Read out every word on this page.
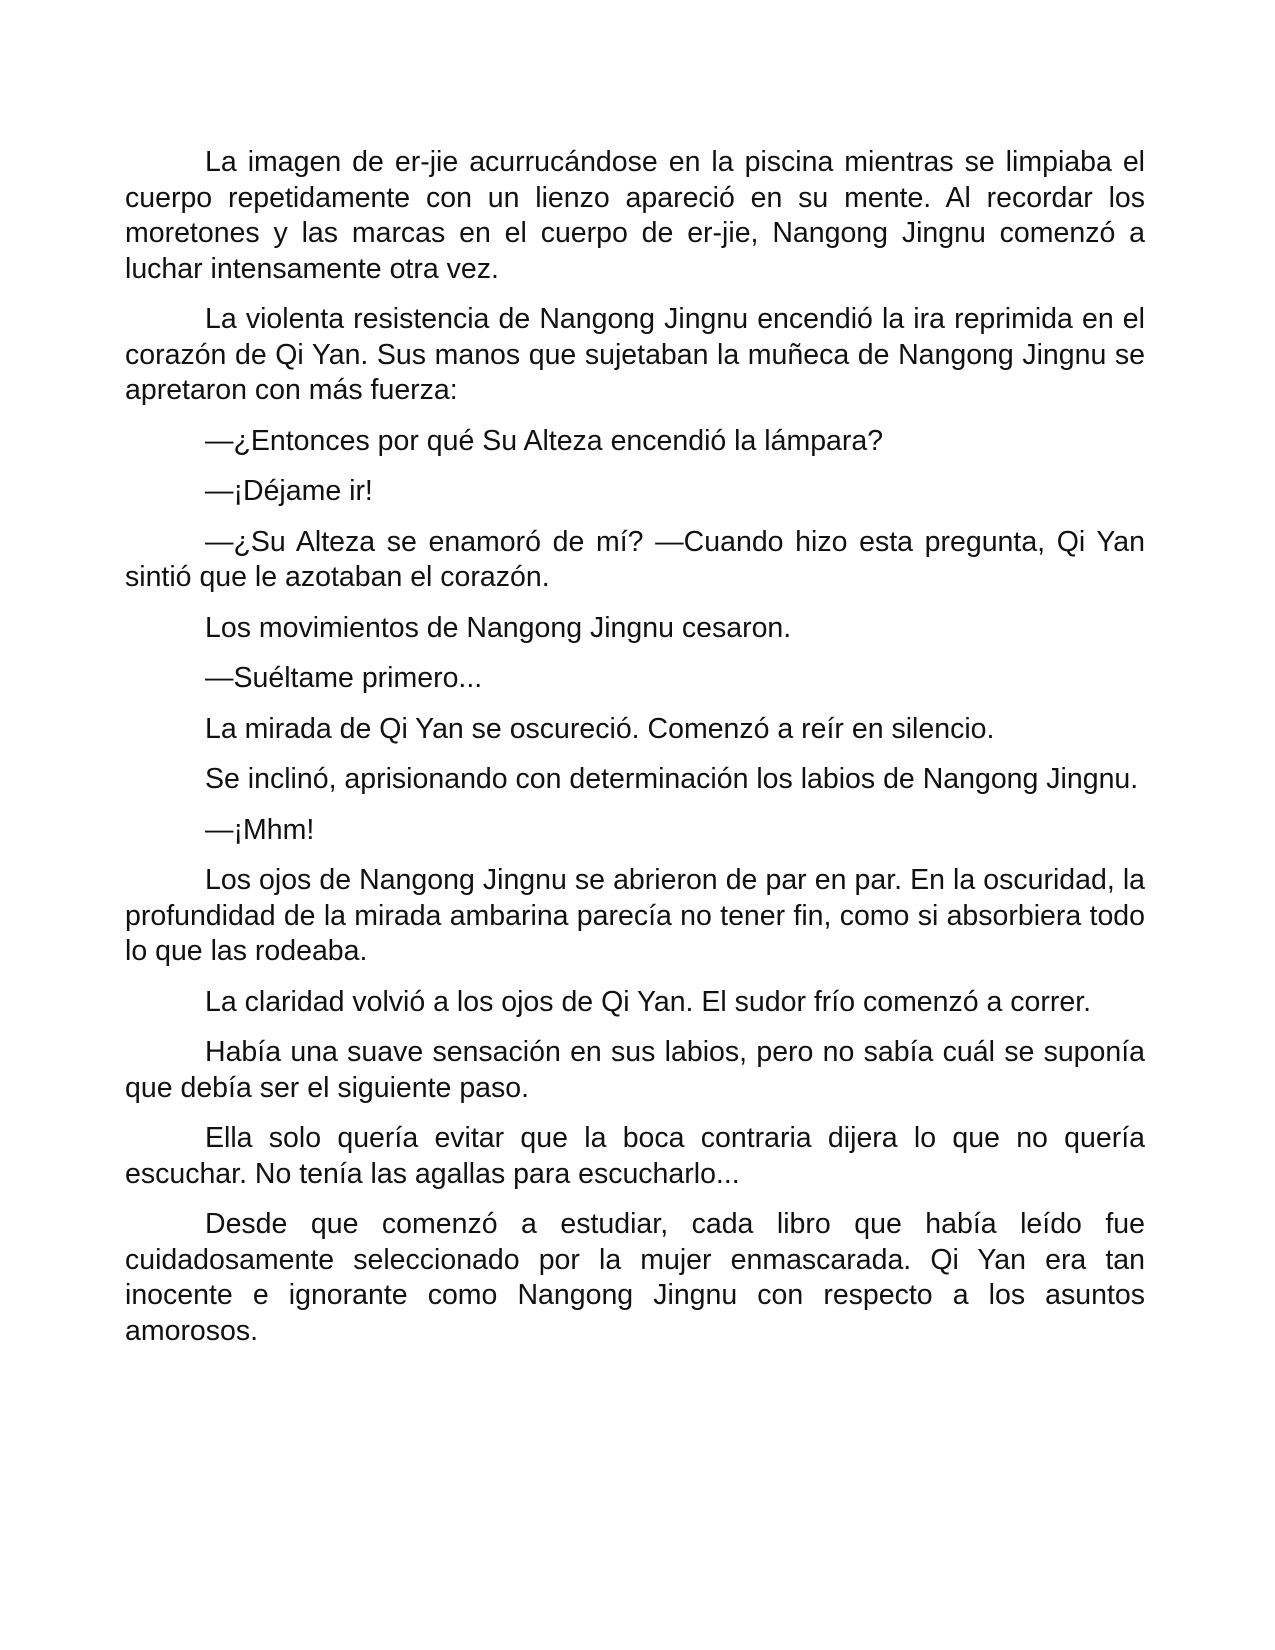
La imagen de er-jie acurrucándose en la piscina mientras se limpiaba el cuerpo repetidamente con un lienzo apareció en su mente. Al recordar los moretones y las marcas en el cuerpo de er-jie, Nangong Jingnu comenzó a luchar intensamente otra vez.

La violenta resistencia de Nangong Jingnu encendió la ira reprimida en el corazón de Qi Yan. Sus manos que sujetaban la muñeca de Nangong Jingnu se apretaron con más fuerza:

—¿Entonces por qué Su Alteza encendió la lámpara?

—¡Déjame ir!

—¿Su Alteza se enamoró de mí? —Cuando hizo esta pregunta, Qi Yan sintió que le azotaban el corazón.

Los movimientos de Nangong Jingnu cesaron.

—Suéltame primero...

La mirada de Qi Yan se oscureció. Comenzó a reír en silencio.

Se inclinó, aprisionando con determinación los labios de Nangong Jingnu.

—¡Mhm!

Los ojos de Nangong Jingnu se abrieron de par en par. En la oscuridad, la profundidad de la mirada ambarina parecía no tener fin, como si absorbiera todo lo que las rodeaba.

La claridad volvió a los ojos de Qi Yan. El sudor frío comenzó a correr.

Había una suave sensación en sus labios, pero no sabía cuál se suponía que debía ser el siguiente paso.

Ella solo quería evitar que la boca contraria dijera lo que no quería escuchar. No tenía las agallas para escucharlo...

Desde que comenzó a estudiar, cada libro que había leído fue cuidadosamente seleccionado por la mujer enmascarada. Qi Yan era tan inocente e ignorante como Nangong Jingnu con respecto a los asuntos amorosos.
